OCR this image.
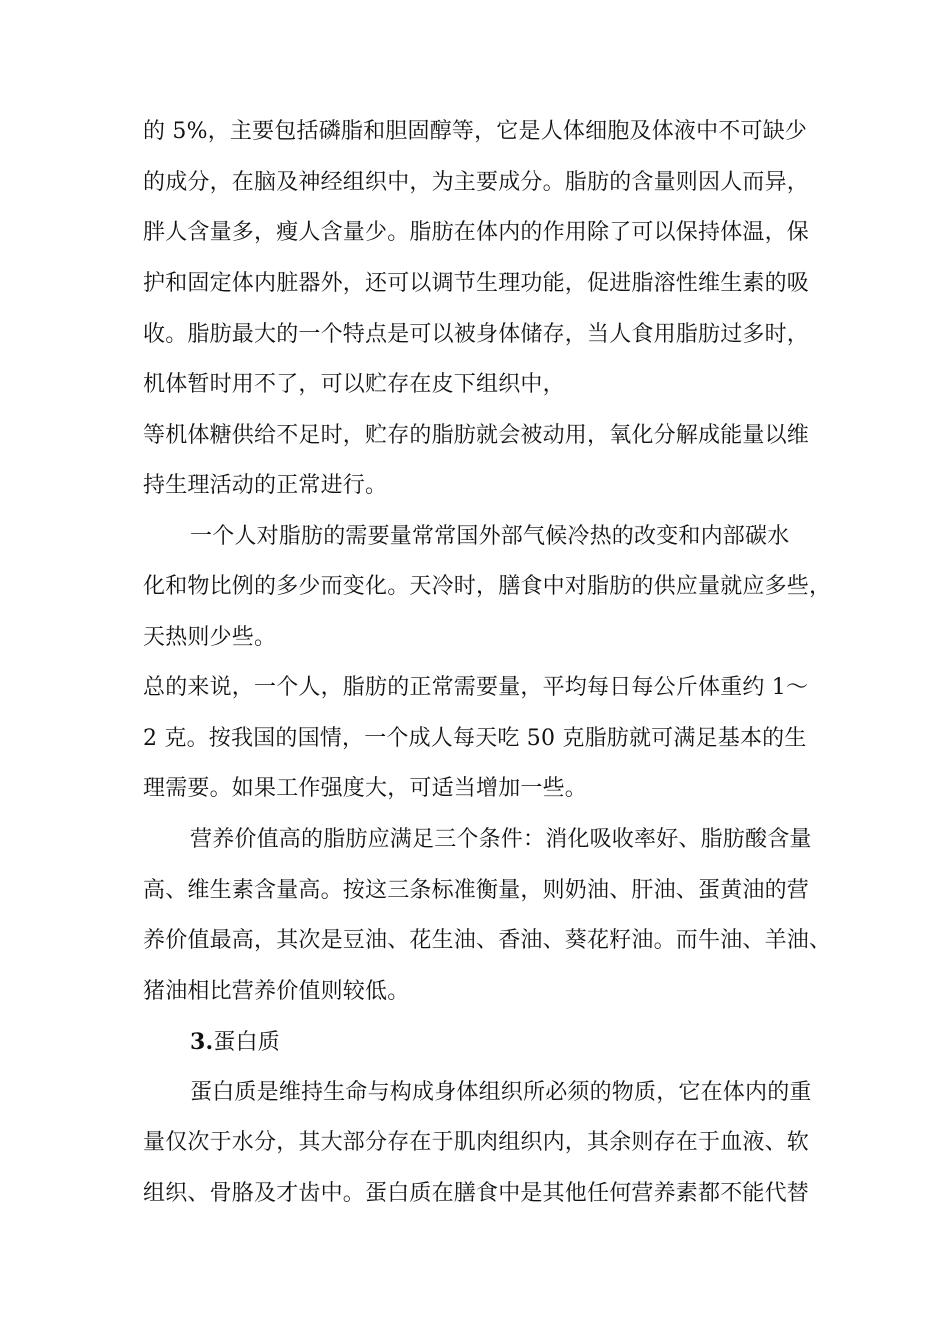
的 5%，主要包括磷脂和胆固醇等，它是人体细胞及体液中不可缺少
的成分，在脑及神经组织中，为主要成分。脂肪的含量则因人而异，
胖人含量多，瘦人含量少。脂肪在体内的作用除了可以保持体温，保
护和固定体内脏器外，还可以调节生理功能，促进脂溶性维生素的吸
收。脂肪最大的一个特点是可以被身体储存，当人食用脂肪过多时，
机体暂时用不了，可以贮存在皮下组织中，
等机体糖供给不足时，贮存的脂肪就会被动用，氧化分解成能量以维
持生理活动的正常进行。
一个人对脂肪的需要量常常国外部气候冷热的改变和内部碳水
化和物比例的多少而变化。天冷时，膳食中对脂肪的供应量就应多些，
天热则少些。
总的来说，一个人，脂肪的正常需要量，平均每日每公斤体重约 1～
2 克。按我国的国情，一个成人每天吃 50 克脂肪就可满足基本的生
理需要。如果工作强度大，可适当增加一些。
营养价值高的脂肪应满足三个条件：消化吸收率好、脂肪酸含量
高、维生素含量高。按这三条标准衡量，则奶油、肝油、蛋黄油的营
养价值最高，其次是豆油、花生油、香油、葵花籽油。而牛油、羊油、
猪油相比营养价值则较低。
3.蛋白质
蛋白质是维持生命与构成身体组织所必须的物质，它在体内的重
量仅次于水分，其大部分存在于肌肉组织内，其余则存在于血液、软
组织、骨胳及才齿中。蛋白质在膳食中是其他任何营养素都不能代替
